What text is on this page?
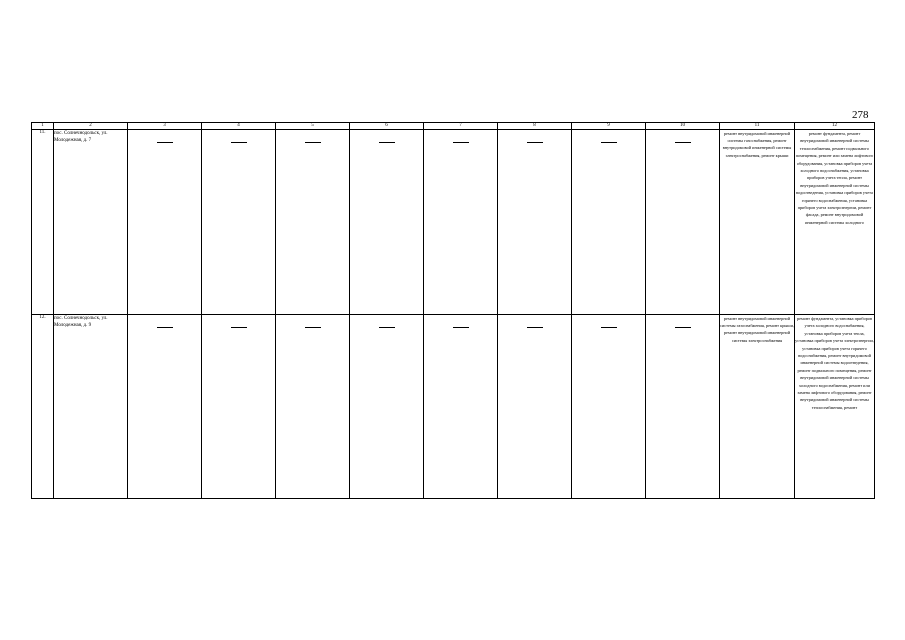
278
1	2	3	4	5	6	7	8	9	10	11	12
11.	пос. Солнечнодольск, ул. Молодежная, д. 7									ремонт внутридомовой инженерной системы газоснабжения, ремонт внутридомовой инженерной системы электроснабжения, ремонт крыши	ремонт фундамента, ремонт внутридомовой инженерной системы теплоснабжения, ремонт подвального помещения, ремонт или замена лифтового оборудования, установка приборов учета холодного водоснабжения, установка приборов учета тепла, ремонт внутридомовой инженерной системы водоотведения, установка приборов учета горячего водоснабжения, установка приборов учета электроэнергии, ремонт фасада, ремонт внутридомовой инженерной системы холодного

12.	пос. Солнечнодольск, ул. Молодежная, д. 9									ремонт внутридомовой инженерной системы газоснабжения, ремонт крыши, ремонт внутридомовой инженерной системы электроснабжения	ремонт фундамента, установка приборов учета холодного водоснабжения, установка приборов учета тепла, установка приборов учета электроэнергии, установка приборов учета горячего водоснабжения, ремонт внутридомовой инженерной системы водоотведения, ремонт подвального помещения, ремонт внутридомовой инженерной системы холодного водоснабжения, ремонт или замена лифтового оборудования, ремонт внутридомовой инженерной системы теплоснабжения, ремонт
